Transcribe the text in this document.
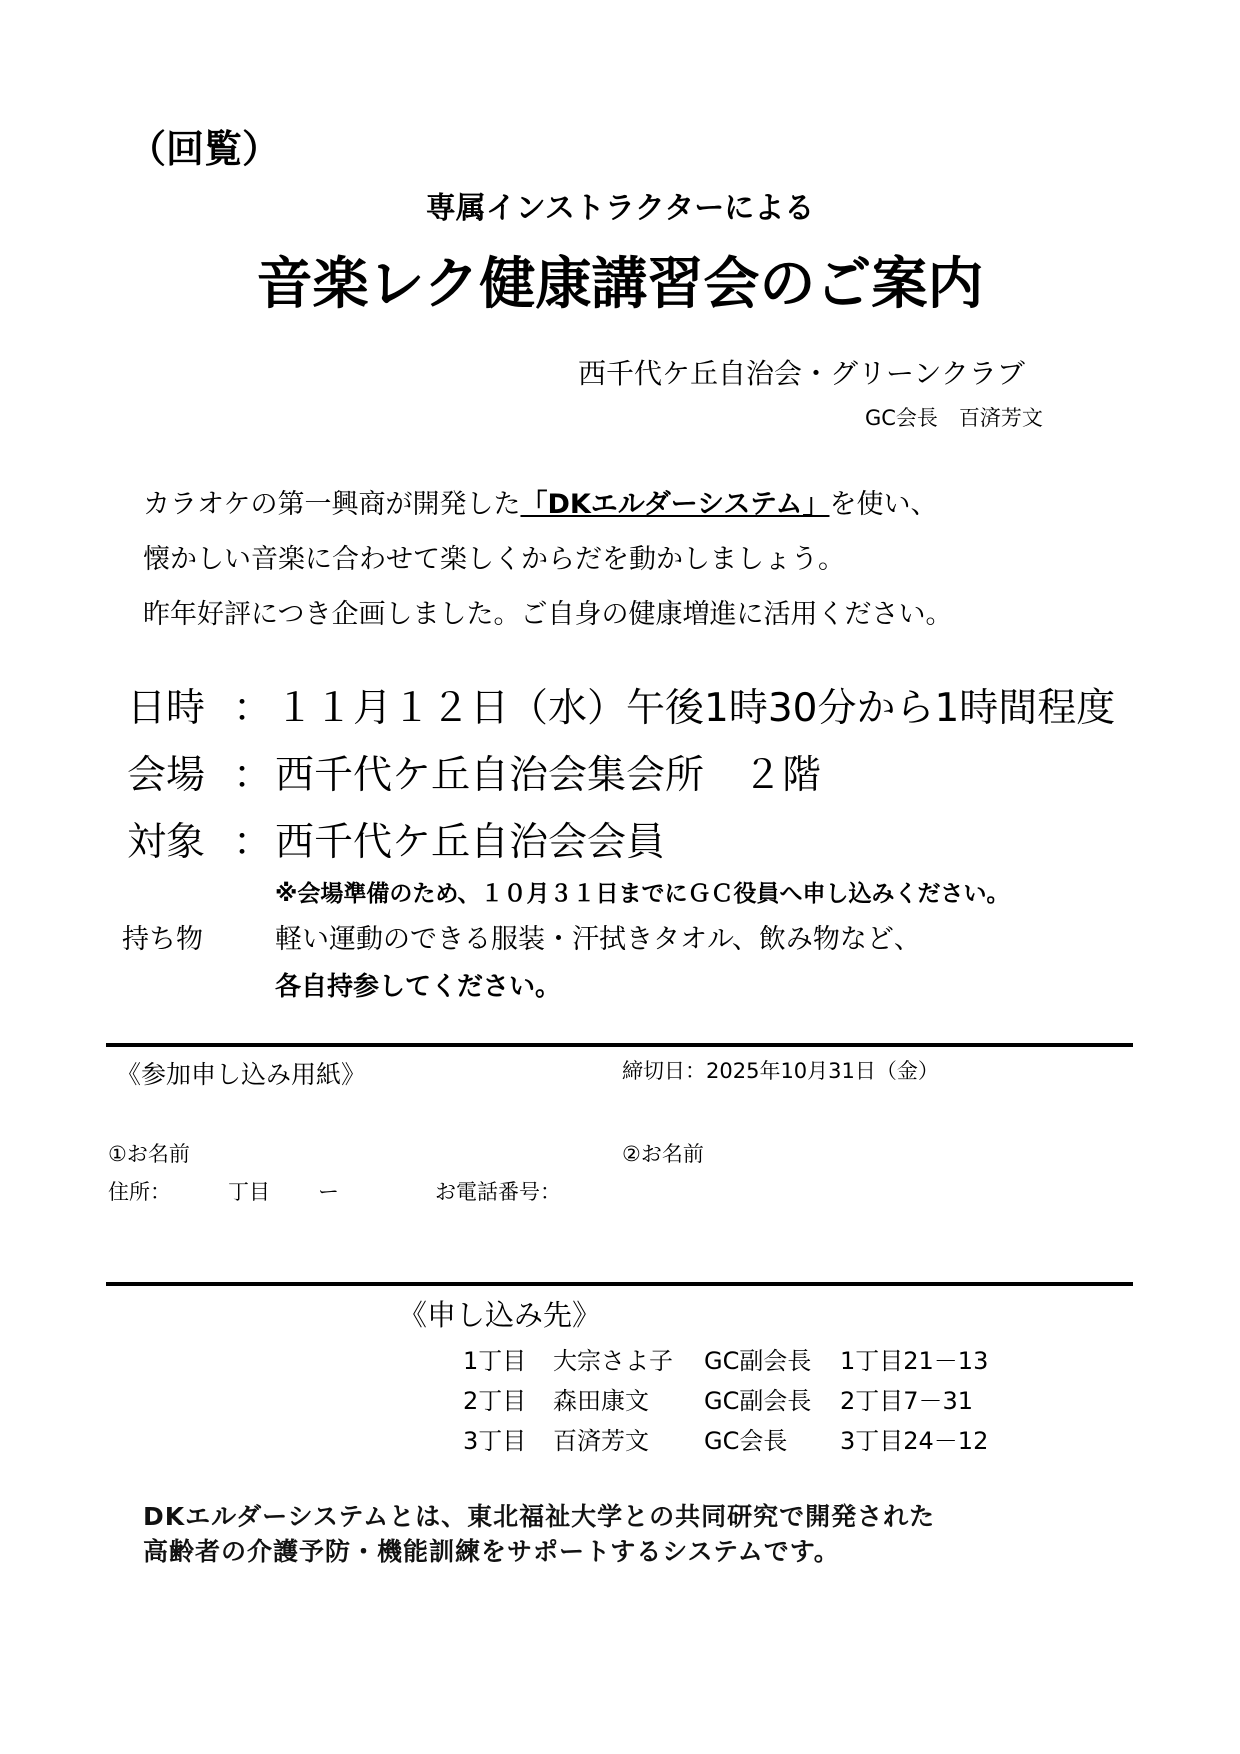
（回覧）
専属インストラクターによる
音楽レク健康講習会のご案内
西千代ケ丘自治会・グリーンクラブ
GC会長　百済芳文
カラオケの第一興商が開発した「DKエルダーシステム」を使い、
懐かしい音楽に合わせて楽しくからだを動かしましょう。
昨年好評につき企画しました。ご自身の健康増進に活用ください。
日時 ： １１月１２日（水）午後1時30分から1時間程度
会場 ： 西千代ケ丘自治会集会所　２階
対象 ： 西千代ケ丘自治会会員
※会場準備のため、１０月３１日までにＧＣ役員へ申し込みください。
持ち物	軽い運動のできる服装・汗拭きタオル、飲み物など、
各自持参してください。
《参加申し込み用紙》	締切日：2025年10月31日（金）
①お名前	②お名前
住所：	丁目 ー	お電話番号：
《申し込み先》
1丁目 大宗さよ子 GC副会長 1丁目21－13
2丁目 森田康文 GC副会長 2丁目7－31
3丁目 百済芳文 GC会長 3丁目24－12
DKエルダーシステムとは、東北福祉大学との共同研究で開発された
高齢者の介護予防・機能訓練をサポートするシステムです。
